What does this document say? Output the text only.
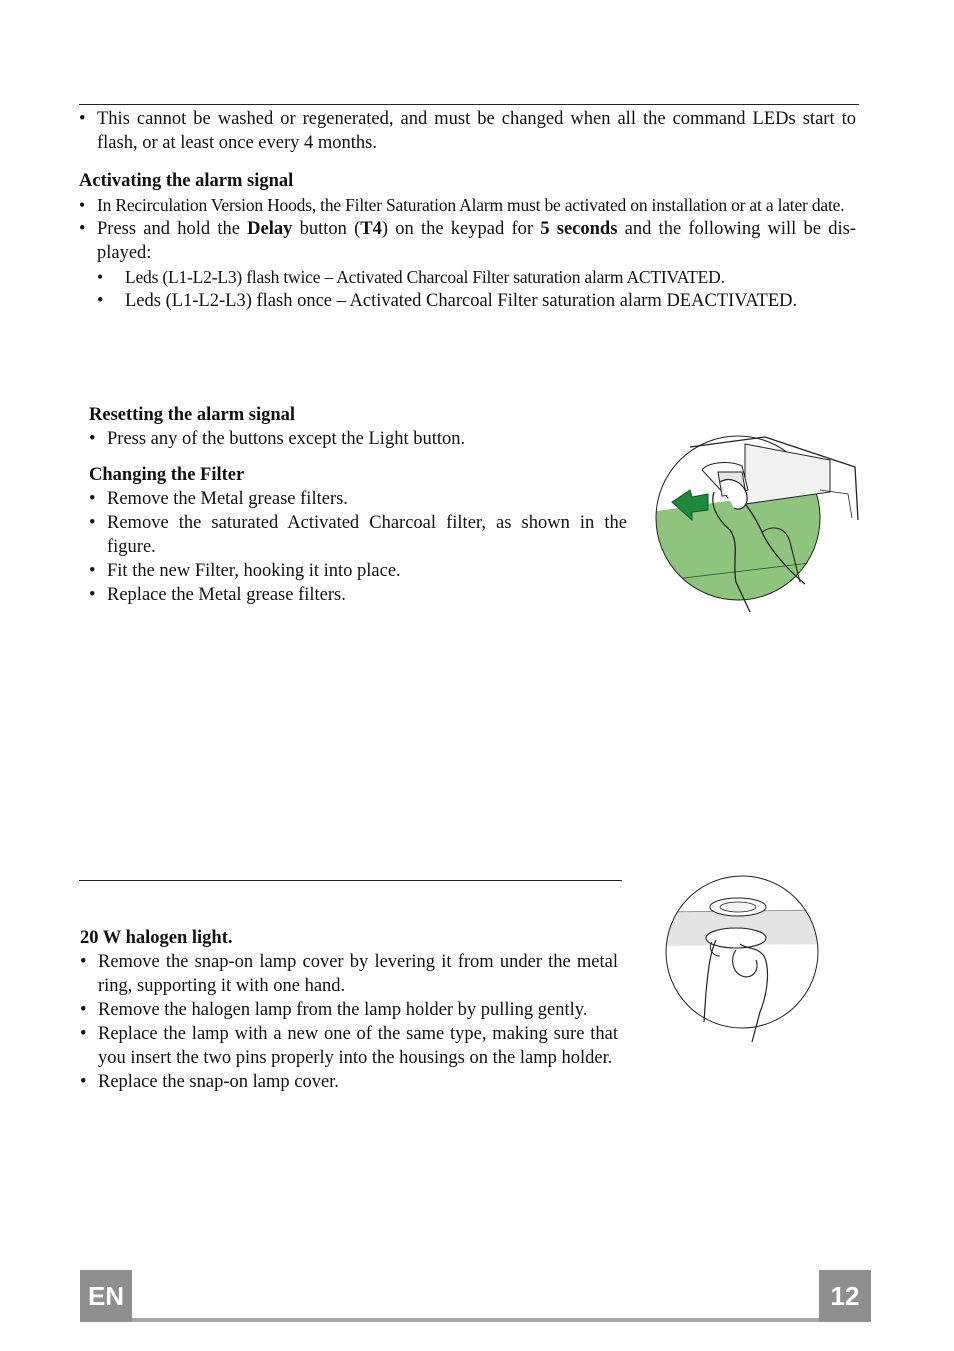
• This cannot be washed or regenerated, and must be changed when all the command LEDs start to flash, or at least once every 4 months.
Activating the alarm signal
• In Recirculation Version Hoods, the Filter Saturation Alarm must be activated on installation or at a later date.
• Press and hold the Delay button (T4) on the keypad for 5 seconds and the following will be displayed:
• Leds (L1-L2-L3) flash twice – Activated Charcoal Filter saturation alarm ACTIVATED.
• Leds (L1-L2-L3) flash once – Activated Charcoal Filter saturation alarm DEACTIVATED.
Resetting the alarm signal
• Press any of the buttons except the Light button.
Changing the Filter
• Remove the Metal grease filters.
• Remove the saturated Activated Charcoal filter, as shown in the figure.
• Fit the new Filter, hooking it into place.
• Replace the Metal grease filters.
20 W halogen light.
• Remove the snap-on lamp cover by levering it from under the metal ring, supporting it with one hand.
• Remove the halogen lamp from the lamp holder by pulling gently.
• Replace the lamp with a new one of the same type, making sure that you insert the two pins properly into the housings on the lamp holder.
• Replace the snap-on lamp cover.
EN	12
